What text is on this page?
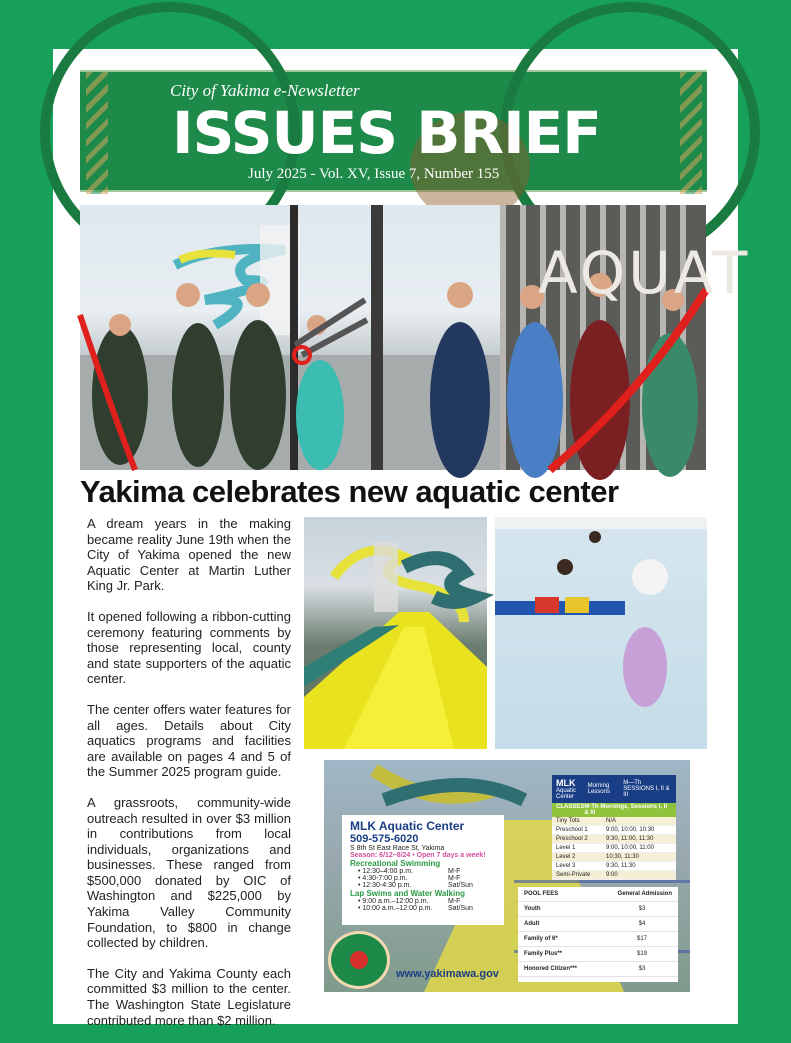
City of Yakima e-Newsletter
ISSUES BRIEF
July 2025 - Vol. XV, Issue 7, Number 155
AQUAT
Yakima celebrates new aquatic center

A dream years in the making became reality June 19th when the City of Yakima opened the new Aquatic Center at Martin Luther King Jr. Park.

It opened following a ribbon-cutting ceremony featuring comments by those representing local, county and state supporters of the aquatic center.

The center offers water features for all ages. Details about City aquatics programs and facilities are available on pages 4 and 5 of the Summer 2025 program guide.

A grassroots, community-wide outreach resulted in over $3 million in contributions from local individuals, organizations and businesses. These ranged from $500,000 donated by OIC of Washington and $225,000 by Yakima Valley Community Foundation, to $800 in change collected by children.

The City and Yakima County each committed $3 million to the center. The Washington State Legislature contributed more than $2 million.

MLK Aquatic Center
509-575-6020
S 8th St East Race St, Yakima
Season: 6/12–8/24 • Open 7 days a week!
Recreational Swimming
• 12:30–4:00 p.m.	M-F
• 4:30-7:00 p.m.	M-F
• 12:30-4:30 p.m.	Sat/Sun
Lap Swims and Water Walking
• 9:00 a.m.–12:00 p.m.	M-F
• 10:00 a.m.–12:00 p.m. Sat/Sun
MLK
Aquatic Center
Morning Lessons
M—Th SESSIONS I, II & III
CLASSES M-Th Mornings, Sessions I, II & III
Tiny Tots	N/A
Preschool 1	9:00, 10:00, 10:30
Preschool 2	9:30, 11:00, 11:30
Level 1	9:00, 10:00, 11:00
Level 2	10:30, 11:30
Level 3	9:30, 11:30
Semi-Private	9:00
POOL FEES	General Admission
Youth	$3
Adult	$4
Family of 6*	$17
Family Plus**	$19
Honored Citizen***	$3
www.yakimawa.gov
